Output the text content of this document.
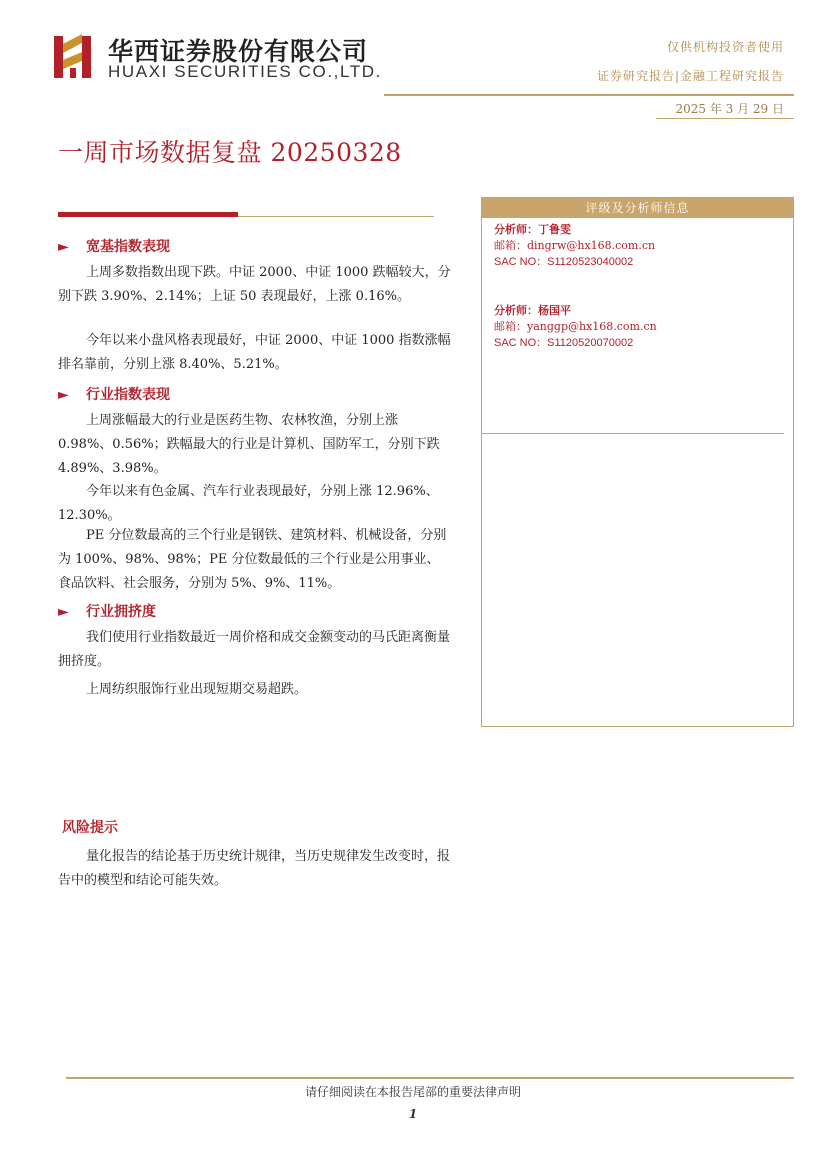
华西证券股份有限公司
HUAXI SECURITIES CO.,LTD.
仅供机构投资者使用
证券研究报告|金融工程研究报告
2025 年 3 月 29 日
一周市场数据复盘 20250328
► 宽基指数表现
上周多数指数出现下跌。中证 2000、中证 1000 跌幅较大，分别下跌 3.90%、2.14%；上证 50 表现最好，上涨 0.16%。
今年以来小盘风格表现最好，中证 2000、中证 1000 指数涨幅排名靠前，分别上涨 8.40%、5.21%。
► 行业指数表现
上周涨幅最大的行业是医药生物、农林牧渔，分别上涨 0.98%、0.56%；跌幅最大的行业是计算机、国防军工，分别下跌 4.89%、3.98%。
今年以来有色金属、汽车行业表现最好，分别上涨 12.96%、12.30%。
PE 分位数最高的三个行业是钢铁、建筑材料、机械设备，分别为 100%、98%、98%；PE 分位数最低的三个行业是公用事业、食品饮料、社会服务，分别为 5%、9%、11%。
► 行业拥挤度
我们使用行业指数最近一周价格和成交金额变动的马氏距离衡量拥挤度。
上周纺织服饰行业出现短期交易超跌。
评级及分析师信息
分析师：丁鲁雯
邮箱：dingrw@hx168.com.cn
SAC NO：S1120523040002
分析师：杨国平
邮箱：yanggp@hx168.com.cn
SAC NO：S1120520070002
风险提示
量化报告的结论基于历史统计规律，当历史规律发生改变时，报告中的模型和结论可能失效。
请仔细阅读在本报告尾部的重要法律声明
1
